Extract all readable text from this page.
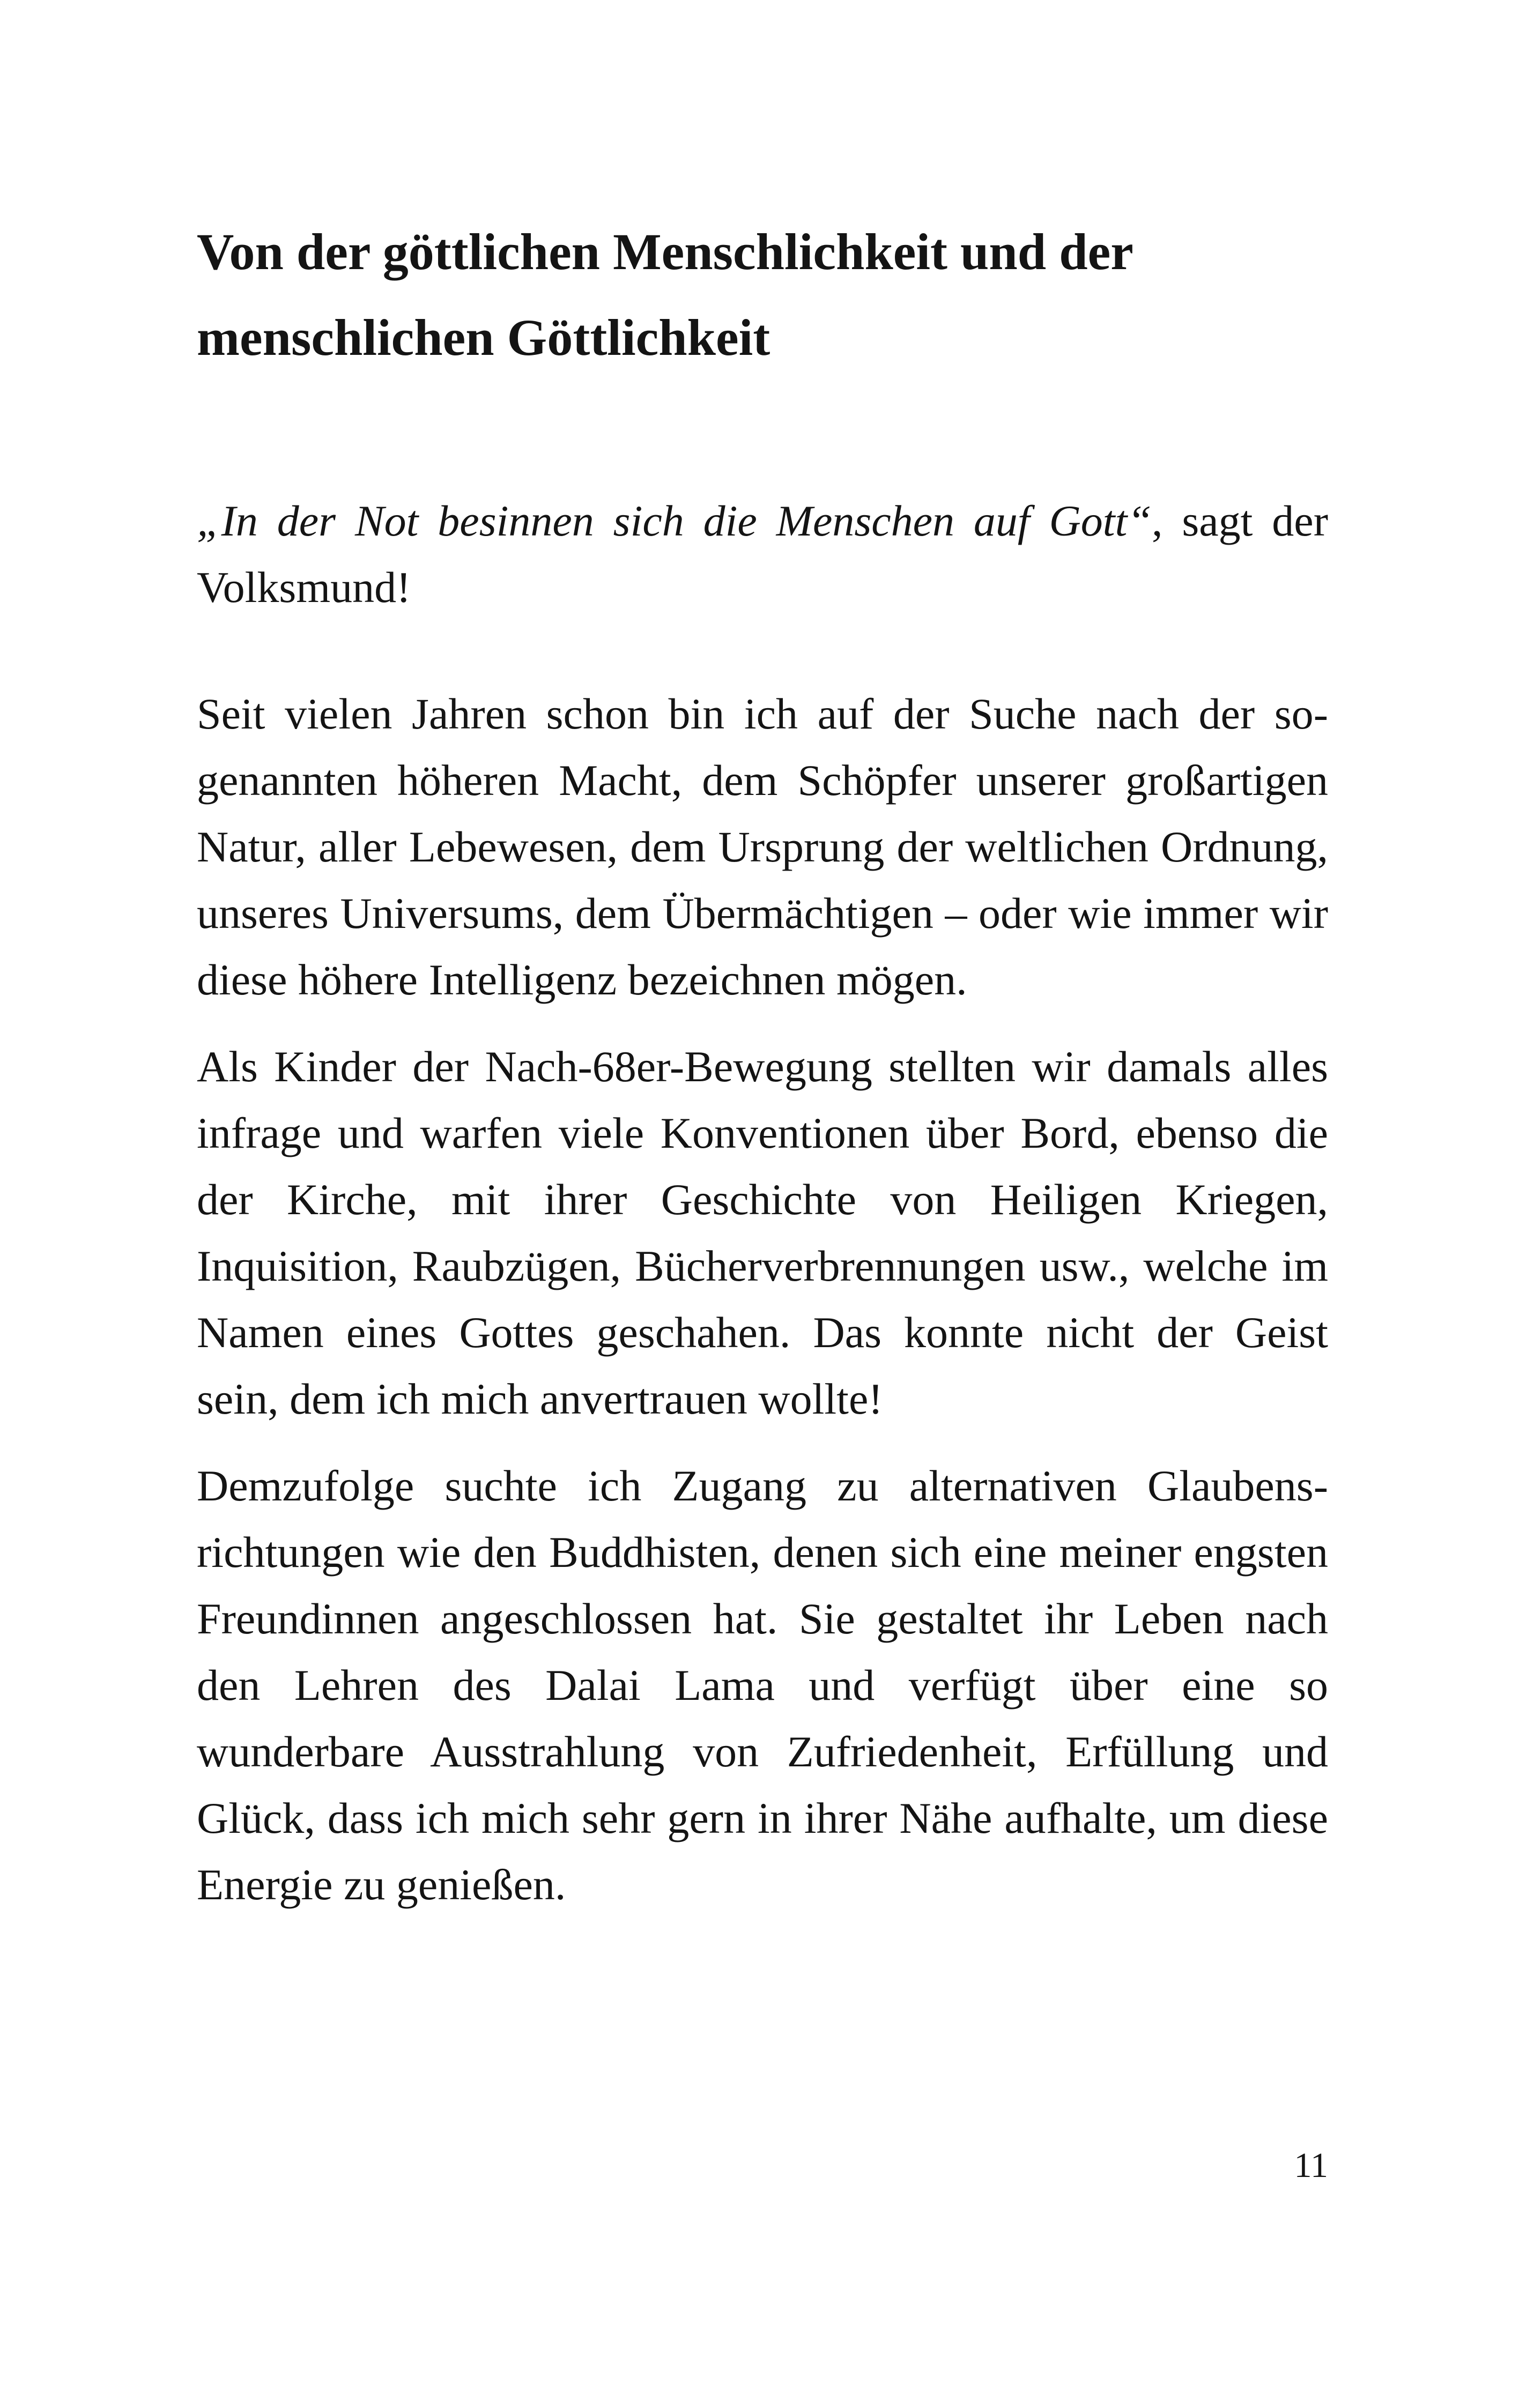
Von der göttlichen Menschlichkeit und der
menschlichen Göttlichkeit

„In der Not besinnen sich die Menschen auf Gott“, sagt der Volksmund!

Seit vielen Jahren schon bin ich auf der Suche nach der sogenannten höheren Macht, dem Schöpfer unserer großartigen Natur, aller Lebewesen, dem Ursprung der weltlichen Ordnung, unseres Universums, dem Übermächtigen – oder wie immer wir diese höhere Intelligenz bezeichnen mögen.

Als Kinder der Nach-68er-Bewegung stellten wir damals alles infrage und warfen viele Konventionen über Bord, ebenso die der Kirche, mit ihrer Geschichte von Heiligen Kriegen, Inquisition, Raubzügen, Bücherverbrennungen usw., welche im Namen eines Gottes geschahen. Das konnte nicht der Geist sein, dem ich mich anvertrauen wollte!

Demzufolge suchte ich Zugang zu alternativen Glaubensrichtungen wie den Buddhisten, denen sich eine meiner engsten Freundinnen angeschlossen hat. Sie gestaltet ihr Leben nach den Lehren des Dalai Lama und verfügt über eine so wunderbare Ausstrahlung von Zufriedenheit, Erfüllung und Glück, dass ich mich sehr gern in ihrer Nähe aufhalte, um diese Energie zu genießen.

11
